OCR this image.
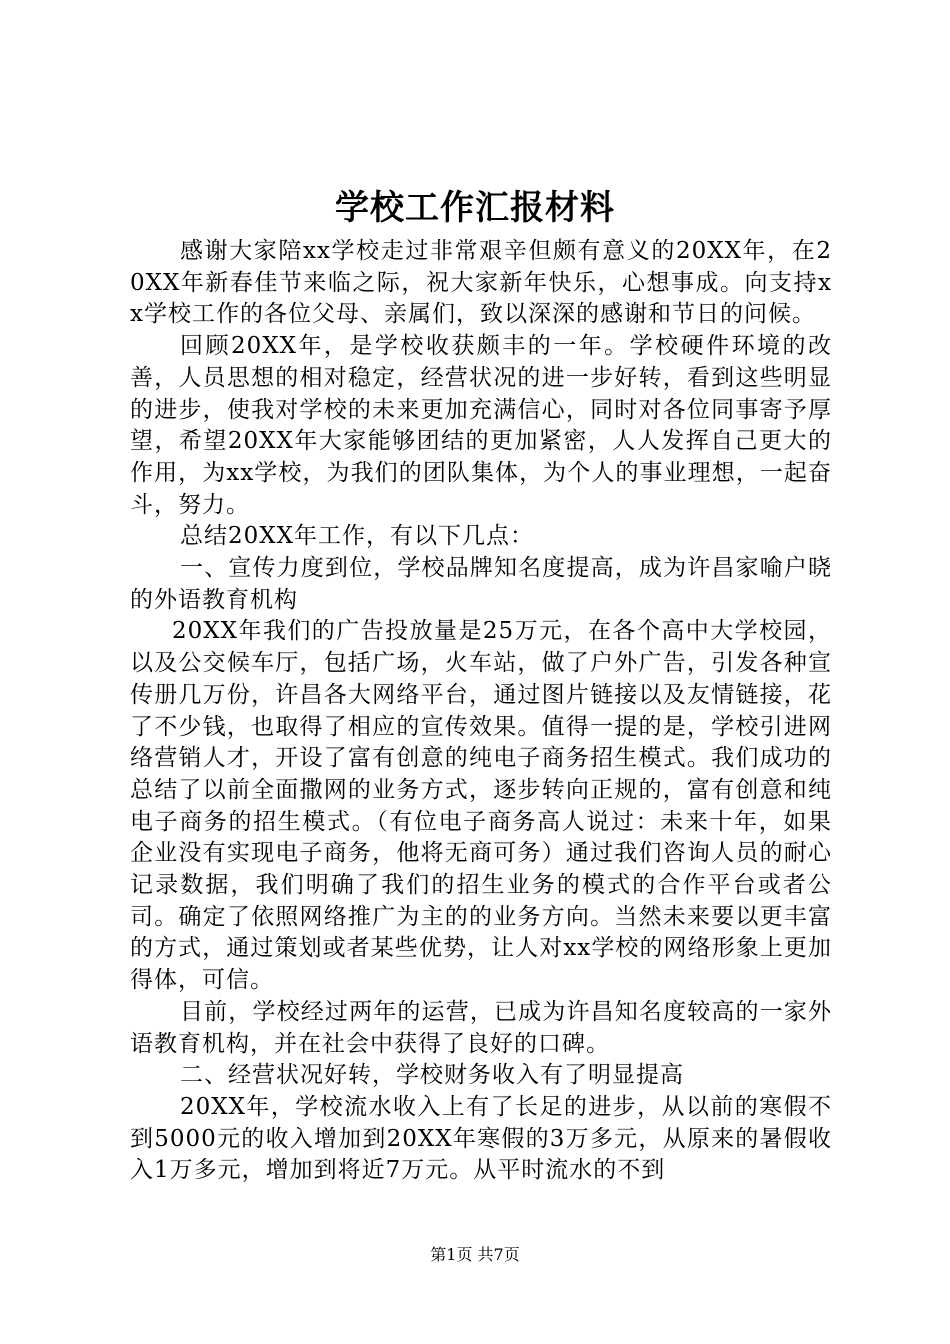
学校工作汇报材料

感谢大家陪xx学校走过非常艰辛但颇有意义的20XX年，在20XX年新春佳节来临之际，祝大家新年快乐，心想事成。向支持xx学校工作的各位父母、亲属们，致以深深的感谢和节日的问候。

回顾20XX年，是学校收获颇丰的一年。学校硬件环境的改善，人员思想的相对稳定，经营状况的进一步好转，看到这些明显的进步，使我对学校的未来更加充满信心，同时对各位同事寄予厚望，希望20XX年大家能够团结的更加紧密，人人发挥自己更大的作用，为xx学校，为我们的团队集体，为个人的事业理想，一起奋斗，努力。

总结20XX年工作，有以下几点：

一、宣传力度到位，学校品牌知名度提高，成为许昌家喻户晓的外语教育机构

20XX年我们的广告投放量是25万元，在各个高中大学校园，以及公交候车厅，包括广场，火车站，做了户外广告，引发各种宣传册几万份，许昌各大网络平台，通过图片链接以及友情链接，花了不少钱，也取得了相应的宣传效果。值得一提的是，学校引进网络营销人才，开设了富有创意的纯电子商务招生模式。我们成功的总结了以前全面撒网的业务方式，逐步转向正规的，富有创意和纯电子商务的招生模式。（有位电子商务高人说过：未来十年，如果企业没有实现电子商务，他将无商可务）通过我们咨询人员的耐心记录数据，我们明确了我们的招生业务的模式的合作平台或者公司。确定了依照网络推广为主的的业务方向。当然未来要以更丰富的方式，通过策划或者某些优势，让人对xx学校的网络形象上更加得体，可信。

目前，学校经过两年的运营，已成为许昌知名度较高的一家外语教育机构，并在社会中获得了良好的口碑。

二、经营状况好转，学校财务收入有了明显提高

20XX年，学校流水收入上有了长足的进步，从以前的寒假不到5000元的收入增加到20XX年寒假的3万多元，从原来的暑假收入1万多元，增加到将近7万元。从平时流水的不到

第1页 共7页
